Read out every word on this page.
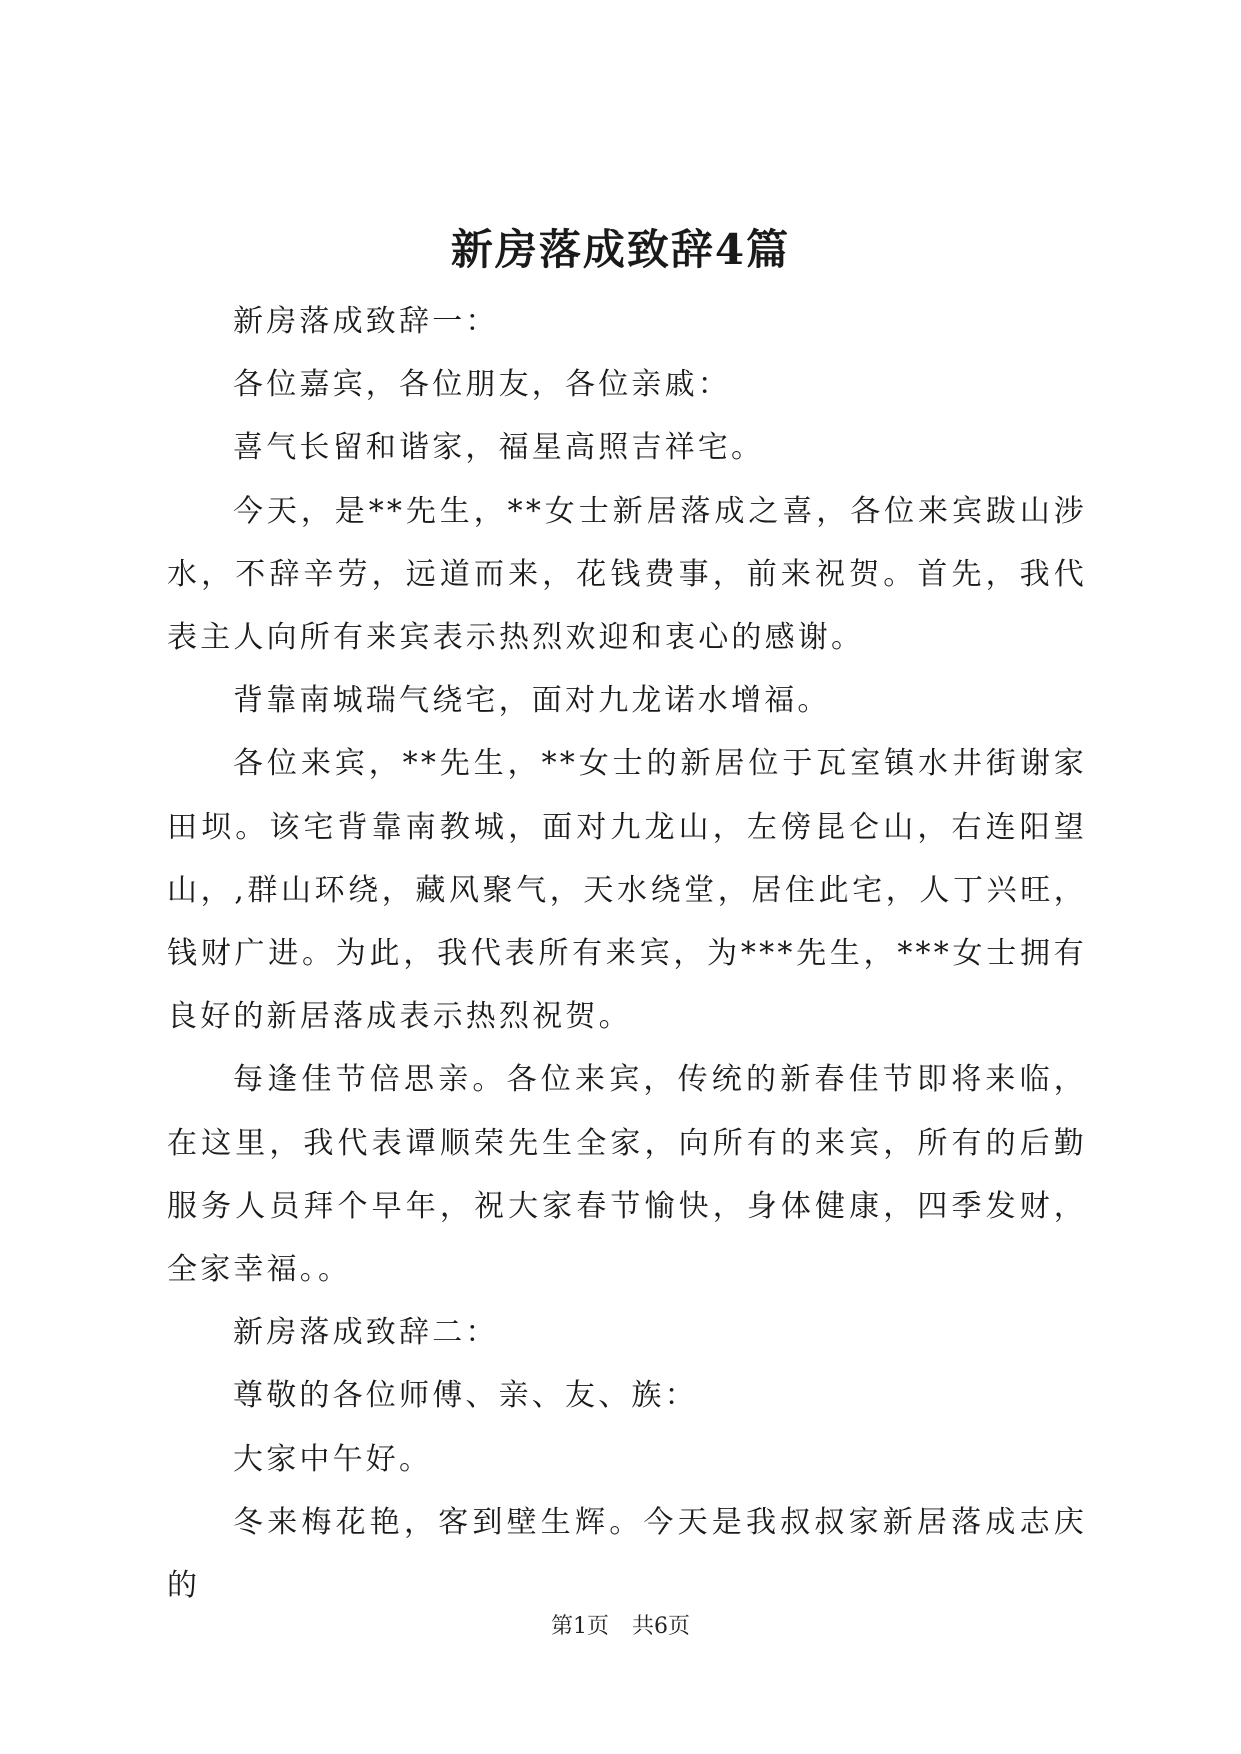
新房落成致辞4篇

新房落成致辞一：

各位嘉宾，各位朋友，各位亲戚：

喜气长留和谐家，福星高照吉祥宅。

今天，是**先生，**女士新居落成之喜，各位来宾跋山涉水，不辞辛劳，远道而来，花钱费事，前来祝贺。首先，我代表主人向所有来宾表示热烈欢迎和衷心的感谢。

背靠南城瑞气绕宅，面对九龙诺水增福。

各位来宾，**先生，**女士的新居位于瓦室镇水井街谢家田坝。该宅背靠南教城，面对九龙山，左傍昆仑山，右连阳望山，,群山环绕，藏风聚气，天水绕堂，居住此宅，人丁兴旺，钱财广进。为此，我代表所有来宾，为***先生，***女士拥有良好的新居落成表示热烈祝贺。

每逢佳节倍思亲。各位来宾，传统的新春佳节即将来临，在这里，我代表谭顺荣先生全家，向所有的来宾，所有的后勤服务人员拜个早年，祝大家春节愉快，身体健康，四季发财，全家幸福。。

新房落成致辞二：

尊敬的各位师傅、亲、友、族：

大家中午好。

冬来梅花艳，客到壁生辉。今天是我叔叔家新居落成志庆的

第1页 共6页
